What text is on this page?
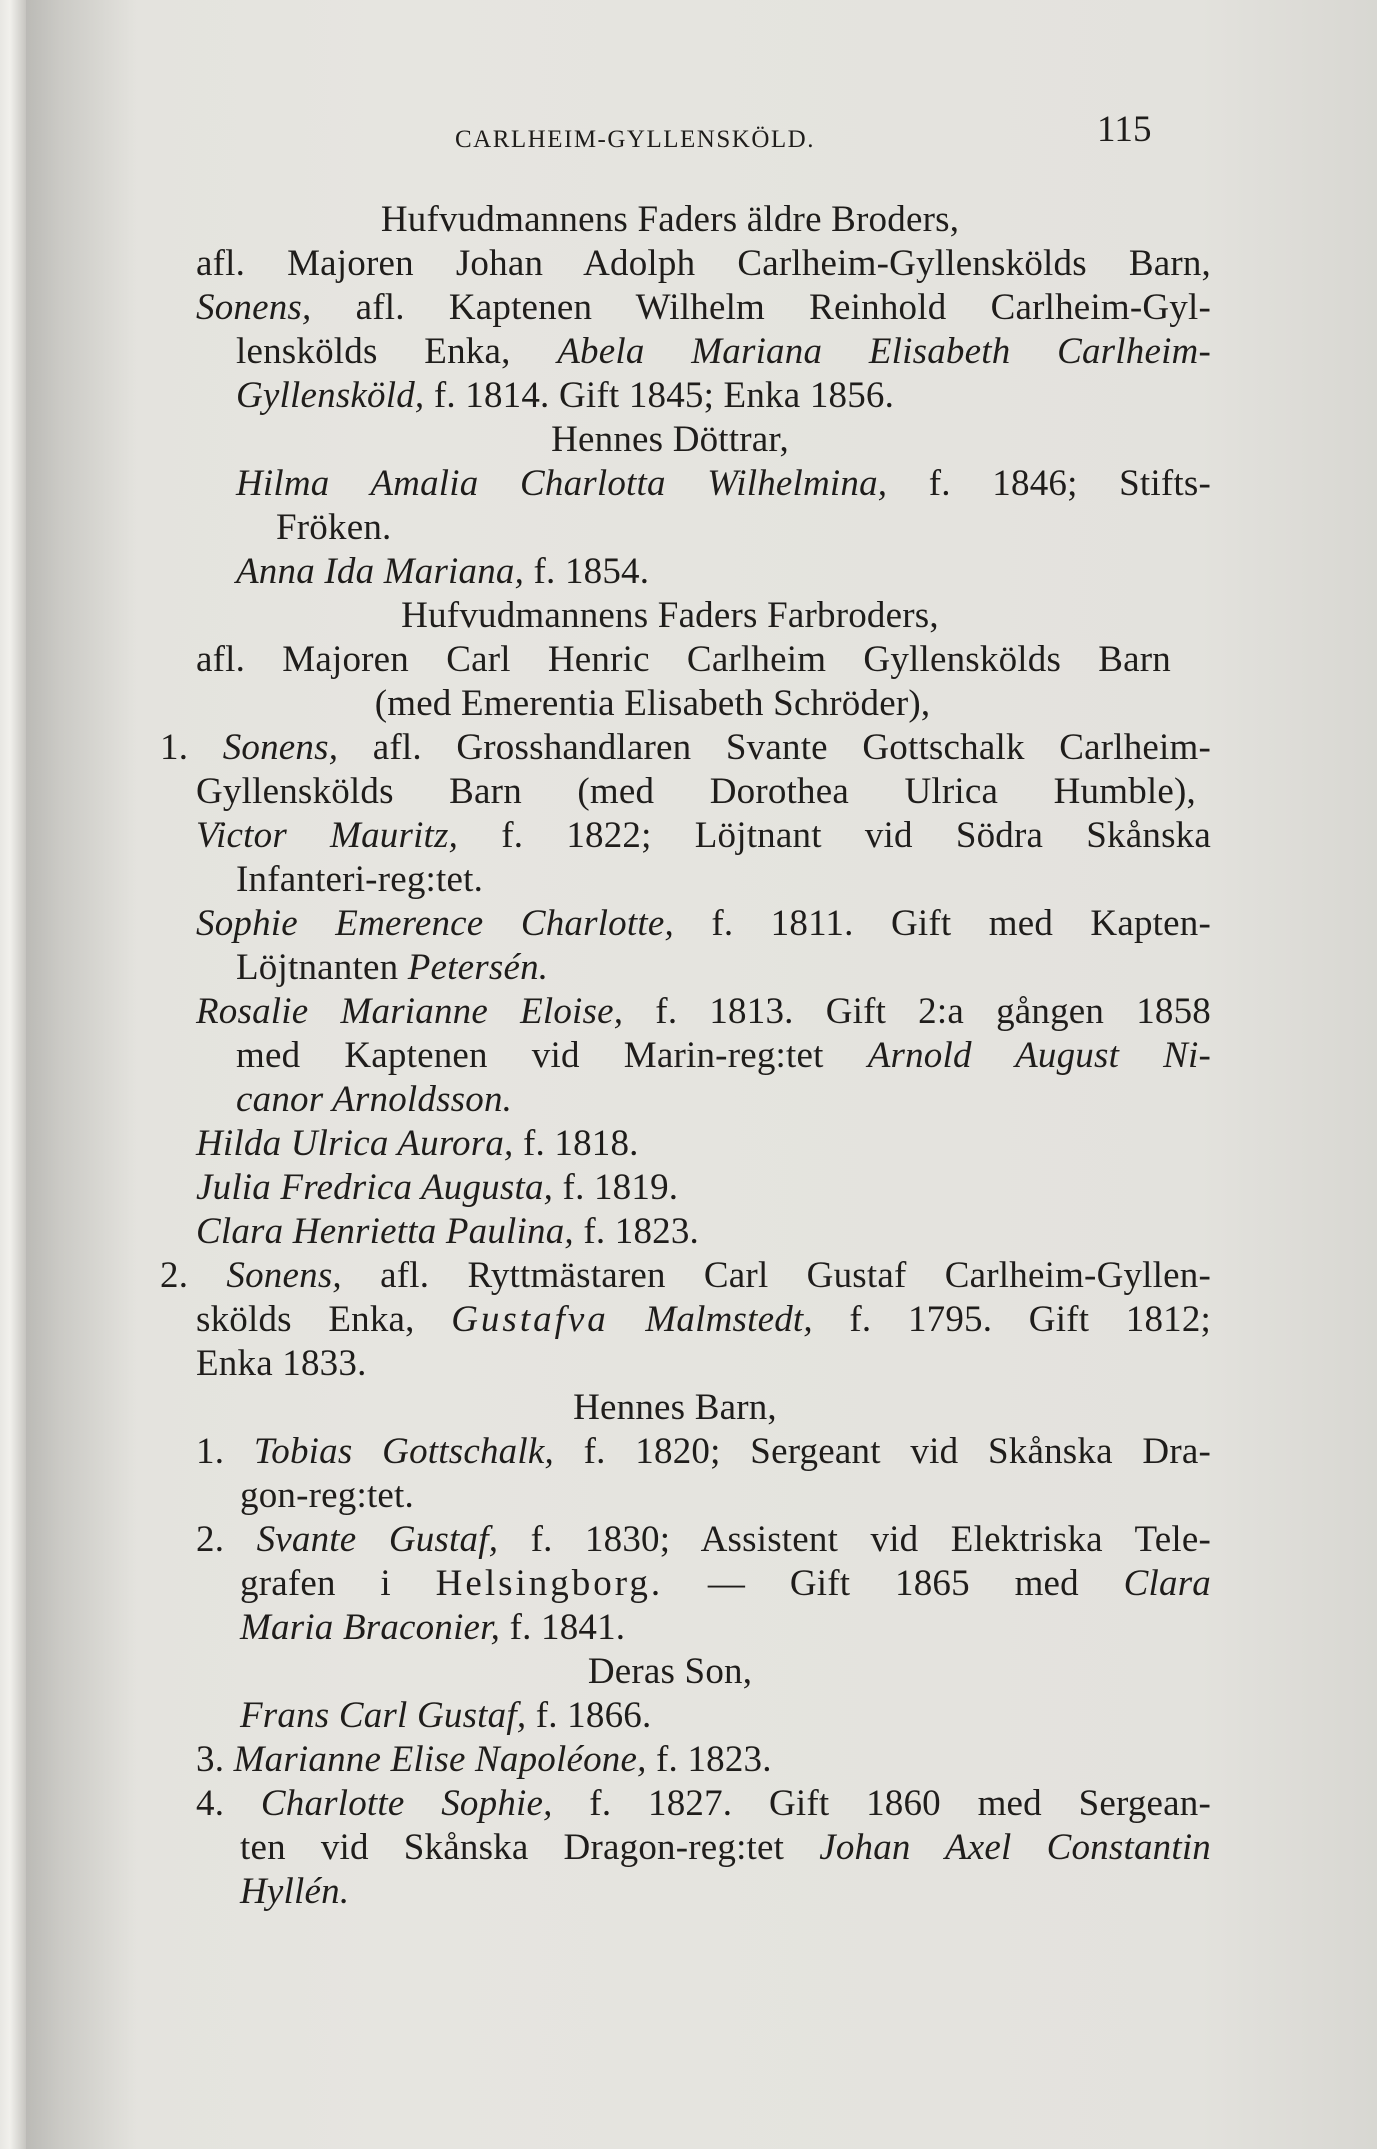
CARLHEIM-GYLLENSKÖLD.	115
Hufvudmannens Faders äldre Broders,
afl. Majoren Johan Adolph Carlheim-Gyllenskölds Barn,
Sonens, afl. Kaptenen Wilhelm Reinhold Carlheim-Gyl-
lenskölds Enka, Abela Mariana Elisabeth Carlheim-
Gyllensköld, f. 1814. Gift 1845; Enka 1856.
Hennes Döttrar,
Hilma Amalia Charlotta Wilhelmina, f. 1846; Stifts-
Fröken.
Anna Ida Mariana, f. 1854.
Hufvudmannens Faders Farbroders,
afl. Majoren Carl Henric Carlheim Gyllenskölds Barn
(med Emerentia Elisabeth Schröder),
1. Sonens, afl. Grosshandlaren Svante Gottschalk Carlheim-
Gyllenskölds Barn (med Dorothea Ulrica Humble),
Victor Mauritz, f. 1822; Löjtnant vid Södra Skånska
Infanteri-reg:tet.
Sophie Emerence Charlotte, f. 1811. Gift med Kapten-
Löjtnanten Petersén.
Rosalie Marianne Eloise, f. 1813. Gift 2:a gången 1858
med Kaptenen vid Marin-reg:tet Arnold August Ni-
canor Arnoldsson.
Hilda Ulrica Aurora, f. 1818.
Julia Fredrica Augusta, f. 1819.
Clara Henrietta Paulina, f. 1823.
2. Sonens, afl. Ryttmästaren Carl Gustaf Carlheim-Gyllen-
skölds Enka, Gustafva Malmstedt, f. 1795. Gift 1812;
Enka 1833.
Hennes Barn,
1. Tobias Gottschalk, f. 1820; Sergeant vid Skånska Dra-
gon-reg:tet.
2. Svante Gustaf, f. 1830; Assistent vid Elektriska Tele-
grafen i Helsingborg. — Gift 1865 med Clara
Maria Braconier, f. 1841.
Deras Son,
Frans Carl Gustaf, f. 1866.
3. Marianne Elise Napoléone, f. 1823.
4. Charlotte Sophie, f. 1827. Gift 1860 med Sergean-
ten vid Skånska Dragon-reg:tet Johan Axel Constantin
Hyllén.
